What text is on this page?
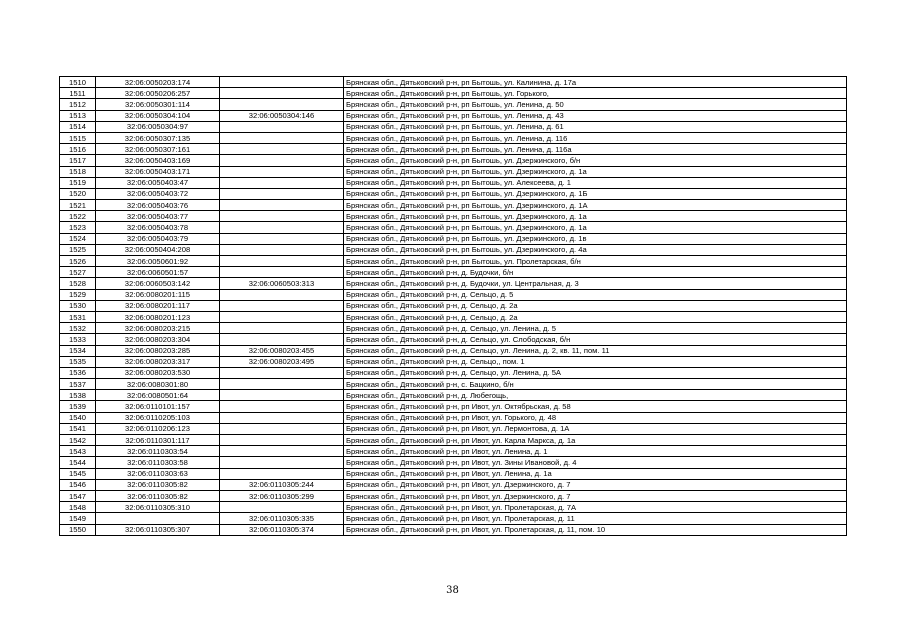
1510	32:06:0050203:174		Брянская обл., Дятьковский р-н, рп Бытошь, ул. Калинина, д. 17а
1511	32:06:0050206:257		Брянская обл., Дятьковский р-н, рп Бытошь, ул. Горького,
1512	32:06:0050301:114		Брянская обл., Дятьковский р-н, рп Бытошь, ул. Ленина, д. 50
1513	32:06:0050304:104	32:06:0050304:146	Брянская обл., Дятьковский р-н, рп Бытошь, ул. Ленина, д. 43
1514	32:06:0050304:97		Брянская обл., Дятьковский р-н, рп Бытошь, ул. Ленина, д. 61
1515	32:06:0050307:135		Брянская обл., Дятьковский р-н, рп Бытошь, ул. Ленина, д. 116
1516	32:06:0050307:161		Брянская обл., Дятьковский р-н, рп Бытошь, ул. Ленина, д. 116а
1517	32:06:0050403:169		Брянская обл., Дятьковский р-н, рп Бытошь, ул. Дзержинского, б/н
1518	32:06:0050403:171		Брянская обл., Дятьковский р-н, рп Бытошь, ул. Дзержинского, д. 1а
1519	32:06:0050403:47		Брянская обл., Дятьковский р-н, рп Бытошь, ул. Алексеева, д. 1
1520	32:06:0050403:72		Брянская обл., Дятьковский р-н, рп Бытошь, ул. Дзержинского, д. 1Б
1521	32:06:0050403:76		Брянская обл., Дятьковский р-н, рп Бытошь, ул. Дзержинского, д. 1А
1522	32:06:0050403:77		Брянская обл., Дятьковский р-н, рп Бытошь, ул. Дзержинского, д. 1а
1523	32:06:0050403:78		Брянская обл., Дятьковский р-н, рп Бытошь, ул. Дзержинского, д. 1а
1524	32:06:0050403:79		Брянская обл., Дятьковский р-н, рп Бытошь, ул. Дзержинского, д. 1в
1525	32:06:0050404:208		Брянская обл., Дятьковский р-н, рп Бытошь, ул. Дзержинского, д. 4а
1526	32:06:0050601:92		Брянская обл., Дятьковский р-н, рп Бытошь, ул. Пролетарская, б/н
1527	32:06:0060501:57		Брянская обл., Дятьковский р-н, д. Будочки, б/н
1528	32:06:0060503:142	32:06:0060503:313	Брянская обл., Дятьковский р-н, д. Будочки, ул. Центральная, д. 3
1529	32:06:0080201:115		Брянская обл., Дятьковский р-н, д. Сельцо, д. 5
1530	32:06:0080201:117		Брянская обл., Дятьковский р-н, д. Сельцо, д. 2а
1531	32:06:0080201:123		Брянская обл., Дятьковский р-н, д. Сельцо, д. 2а
1532	32:06:0080203:215		Брянская обл., Дятьковский р-н, д. Сельцо, ул. Ленина, д. 5
1533	32:06:0080203:304		Брянская обл., Дятьковский р-н, д. Сельцо, ул. Слободская, б/н
1534	32:06:0080203:285	32:06:0080203:455	Брянская обл., Дятьковский р-н, д. Сельцо, ул. Ленина, д. 2, кв. 11, пом. 11
1535	32:06:0080203:317	32:06:0080203:495	Брянская обл., Дятьковский р-н, д. Сельцо,, пом. 1
1536	32:06:0080203:530		Брянская обл., Дятьковский р-н, д. Сельцо, ул. Ленина, д. 5А
1537	32:06:0080301:80		Брянская обл., Дятьковский р-н, с. Бацкино, б/н
1538	32:06:0080501:64		Брянская обл., Дятьковский р-н, д. Любегощь,
1539	32:06:0110101:157		Брянская обл., Дятьковский р-н, рп Ивот, ул. Октябрьская, д. 58
1540	32:06:0110205:103		Брянская обл., Дятьковский р-н, рп Ивот, ул. Горького, д. 48
1541	32:06:0110206:123		Брянская обл., Дятьковский р-н, рп Ивот, ул. Лермонтова, д. 1А
1542	32:06:0110301:117		Брянская обл., Дятьковский р-н, рп Ивот, ул. Карла Маркса, д. 1а
1543	32:06:0110303:54		Брянская обл., Дятьковский р-н, рп Ивот, ул. Ленина, д. 1
1544	32:06:0110303:58		Брянская обл., Дятьковский р-н, рп Ивот, ул. Зины Ивановой, д. 4
1545	32:06:0110303:63		Брянская обл., Дятьковский р-н, рп Ивот, ул. Ленина, д. 1а
1546	32:06:0110305:82	32:06:0110305:244	Брянская обл., Дятьковский р-н, рп Ивот, ул. Дзержинского, д. 7
1547	32:06:0110305:82	32:06:0110305:299	Брянская обл., Дятьковский р-н, рп Ивот, ул. Дзержинского, д. 7
1548	32:06:0110305:310		Брянская обл., Дятьковский р-н, рп Ивот, ул. Пролетарская, д. 7А
1549		32:06:0110305:335	Брянская обл., Дятьковский р-н, рп Ивот, ул. Пролетарская, д. 11
1550	32:06:0110305:307	32:06:0110305:374	Брянская обл., Дятьковский р-н, рп Ивот, ул. Пролетарская, д. 11, пом. 10
38
